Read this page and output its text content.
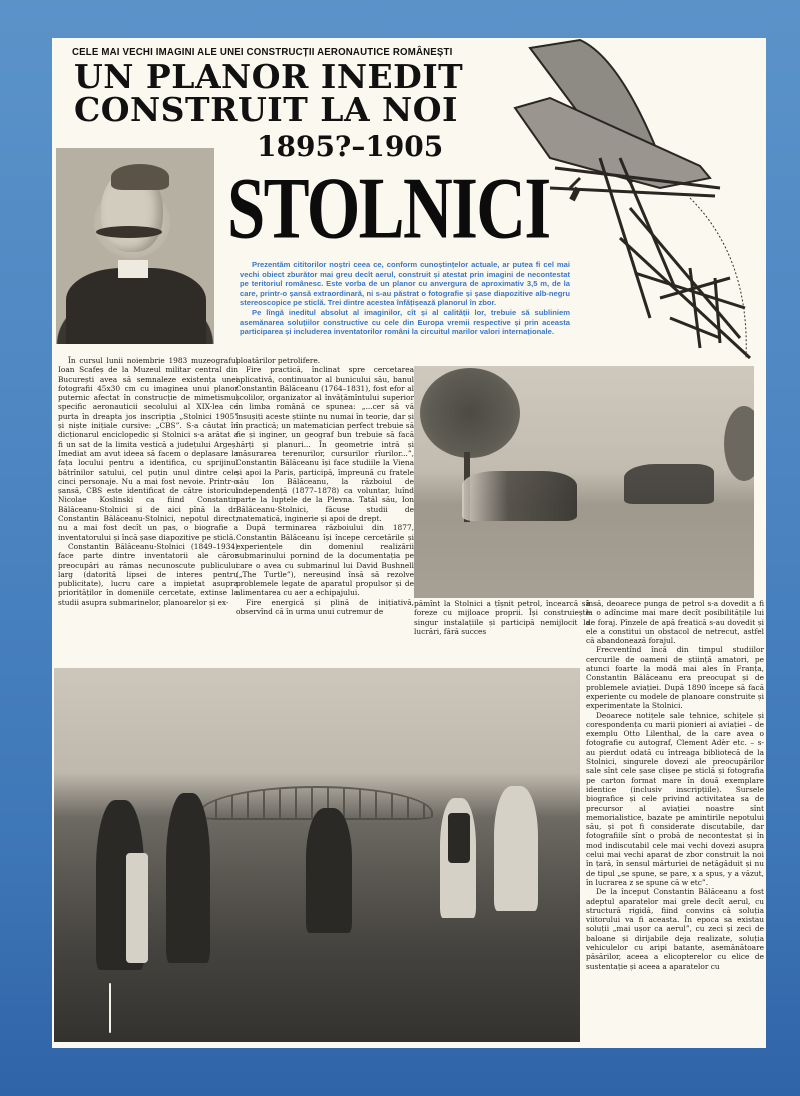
CELE MAI VECHI IMAGINI ALE UNEI CONSTRUCȚII AERONAUTICE ROMÂNEȘTI
UN PLANOR INEDIT
CONSTRUIT LA NOI
1895?–1905
STOLNICI

Prezentăm cititorilor noștri ceea ce, conform cunoștințelor actuale, ar putea fi cel mai vechi obiect zburător mai greu decît aerul, construit și atestat prin imagini de necontestat pe teritoriul românesc. Este vorba de un planor cu anvergura de aproximativ 3,5 m, de la care, printr-o șansă extraordinară, ni s-au păstrat o fotografie și șase diapozitive alb-negru stereoscopice pe sticlă. Trei dintre acestea înfățișează planorul în zbor.

Pe lîngă ineditul absolut al imaginilor, cît și al calității lor, trebuie să subliniem asemănarea soluțiilor constructive cu cele din Europa vremii respective și prin aceasta participarea și includerea inventatorilor români la circuitul marilor valori internaționale.

În cursul lunii noiembrie 1983 muzeograful Ioan Scafeș de la Muzeul militar central din București avea să semnaleze existența unei fotografii 45x30 cm cu imaginea unui planor puternic afectat în construcție de mimetismul specific aeronauticii secolului al XIX-lea ce purta în dreapta jos inscripția „Stolnici 1905” și niște inițiale cursive: „CBS”. S-a căutat în dicționarul enciclopedic și Stolnici s-a arătat a fi un sat de la limita vestică a județului Argeș. Imediat am avut ideea să facem o deplasare la fața locului pentru a identifica, cu sprijinul bătrînilor satului, cel puțin unul dintre cele cinci personaje. Nu a mai fost nevoie. Printr-o șansă, CBS este identificat de către istoricul Nicolae Koslinski ca fiind Constantin Bălăceanu-Stolnici și de aici pînă la dr. Constantin Bălăceanu-Stolnici, nepotul direct, nu a mai fost decît un pas, o biografie a inventatorului și încă șase diapozitive pe sticlă.

Constantin Bălăceanu-Stolnici (1849–1934) face parte dintre inventatorii ale căror preocupări au rămas necunoscute publicului larg (datorită lipsei de interes pentru publicitate), lucru care a impietat asupra priorităților în domeniile cercetate, extinse la studii asupra submarinelor, planoarelor și ex-

ploatărilor petrolifere.

Fire practică, înclinat spre cercetarea aplicativă, continuator al bunicului său, banul Constantin Bălăceanu (1764–1831), fost efor al școlilor, organizator al învățămîntului superior în limba română ce spunea: „...cer să vă însușiți aceste științe nu numai în teorie, dar și în practică; un matematician perfect trebuie să fie și inginer, un geograf bun trebuie să facă hărți și planuri... În geometrie intră și măsurarea terenurilor, cursurilor rîurilor...”, Constantin Bălăceanu își face studiile la Viena și apoi la Paris, participă, împreună cu fratele său Ion Bălăceanu, la războiul de independență (1877–1878) ca voluntar, luînd parte la luptele de la Plevna. Tatăl său, Ion Bălăceanu-Stolnici, făcuse studii de matematică, inginerie și apoi de drept.

După terminarea războiului din 1877, Constantin Bălăceanu își începe cercetările și experiențele din domeniul realizării submarinului pornind de la documentația pe care o avea cu submarinul lui David Bushnell („The Turtle”), nereușind însă să rezolve problemele legate de aparatul propulsor și de alimentarea cu aer a echipajului.

Fire energică și plină de inițiativă, observînd că în urma unui cutremur de

pămînt la Stolnici a țîșnit petrol, încearcă să foreze cu mijloace proprii. Își construiește singur instalațiile și participă nemijlocit la lucrări, fără succes

însă, deoarece punga de petrol s-a dovedit a fi la o adîncime mai mare decît posibilitățile lui de foraj. Pînzele de apă freatică s-au dovedit și ele a constitui un obstacol de netrecut, astfel că abandonează forajul.

Frecventînd încă din timpul studiilor cercurile de oameni de știință amatori, pe atunci foarte la modă mai ales în Franța, Constantin Bălăceanu era preocupat și de problemele aviației. După 1890 începe să facă experiențe cu modele de planoare construite și experimentate la Stolnici.

Deoarece notițele sale tehnice, schițele și corespondența cu marii pionieri ai aviației – de exemplu Otto Lilenthal, de la care avea o fotografie cu autograf, Clement Adèr etc. – s-au pierdut odată cu întreaga bibliotecă de la Stolnici, singurele dovezi ale preocupărilor sale sînt cele șase clișee pe sticlă și fotografia pe carton format mare în două exemplare identice (inclusiv inscripțiile). Sursele biografice și cele privind activitatea sa de precursor al aviației noastre sînt memorialistice, bazate pe amintirile nepotului său, și pot fi considerate discutabile, dar fotografiile sînt o probă de necontestat și în mod indiscutabil cele mai vechi dovezi asupra celui mai vechi aparat de zbor construit la noi în țară, în sensul mărturiei de netăgăduit și nu de tipul „se spune, se pare, x a spus, y a văzut, în lucrarea z se spune că w etc”.

De la început Constantin Bălăceanu a fost adeptul aparatelor mai grele decît aerul, cu structură rigidă, fiind convins că soluția viitorului va fi aceasta. În epoca sa existau soluții „mai ușor ca aerul”, cu zeci și zeci de baloane și dirijabile deja realizate, soluția vehiculelor cu aripi batante, asemănătoare păsărilor, aceea a elicopterelor cu elice de sustentație și aceea a aparatelor cu
